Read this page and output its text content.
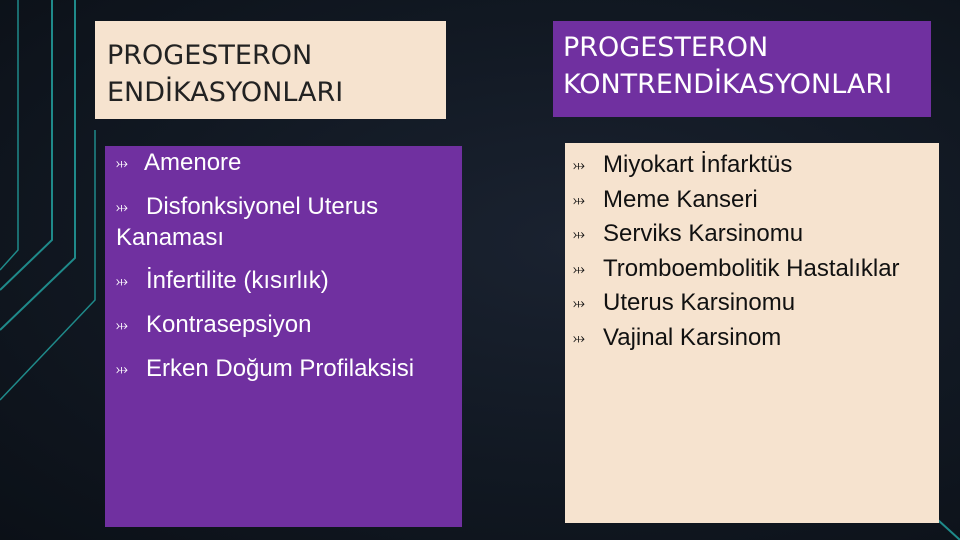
PROGESTERON
ENDİKASYONLARI
PROGESTERON
KONTRENDİKASYONLARI

⤔ Amenore

⤔ Disfonksiyonel Uterus Kanaması

⤔ İnfertilite (kısırlık)

⤔ Kontrasepsiyon

⤔ Erken Doğum Profilaksisi

⤔ Miyokart İnfarktüs

⤔ Meme Kanseri

⤔ Serviks Karsinomu

⤔ Tromboembolitik Hastalıklar

⤔ Uterus Karsinomu

⤔ Vajinal Karsinom
